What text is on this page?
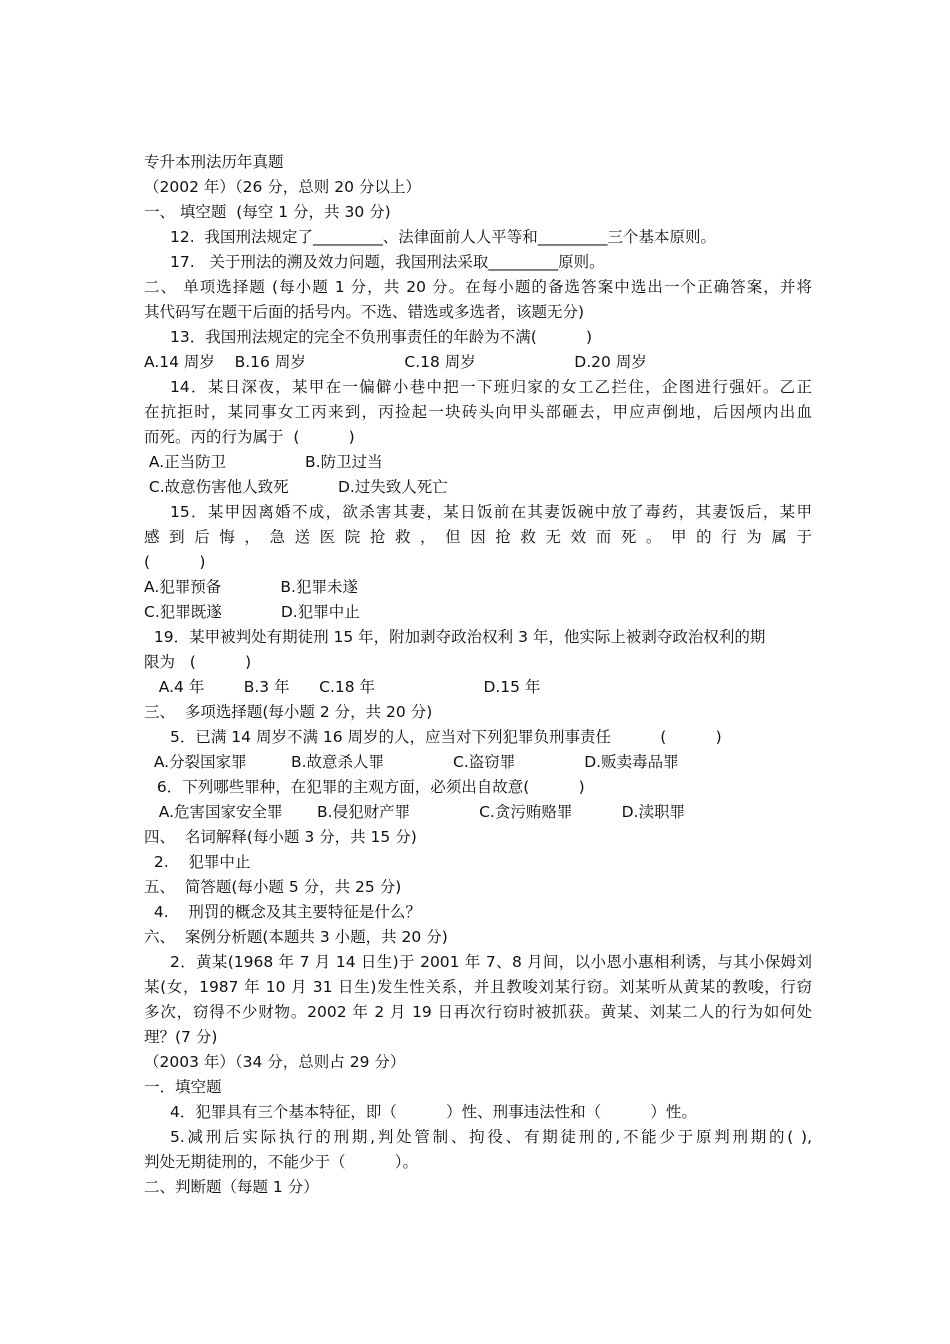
专升本刑法历年真题
（2002 年）（26 分，总则 20 分以上）
一、 填空题  (每空 1 分，共 30 分)
12.  我国刑法规定了_________、法律面前人人平等和_________三个基本原则。
17.   关于刑法的溯及效力问题，我国刑法采取_________原则。
二、 单项选择题 (每小题 1 分，共 20 分。在每小题的备选答案中选出一个正确答案，并将
其代码写在题干后面的括号内。不选、错选或多选者，该题无分)
13．我国刑法规定的完全不负刑事责任的年龄为不满(          )
A.14 周岁    B.16 周岁                    C.18 周岁                    D.20 周岁
14．某日深夜，某甲在一偏僻小巷中把一下班归家的女工乙拦住，企图进行强奸。乙正
在抗拒时，某同事女工丙来到，丙捡起一块砖头向甲头部砸去，甲应声倒地，后因颅内出血
而死。丙的行为属于  (          )
A.正当防卫                B.防卫过当
C.故意伤害他人致死          D.过失致人死亡
15．某甲因离婚不成，欲杀害其妻，某日饭前在其妻饭碗中放了毒药，其妻饭后，某甲
感到后悔，急送医院抢救，但因抢救无效而死。甲的行为属于
(          )
A.犯罪预备            B.犯罪未遂
C.犯罪既遂            D.犯罪中止
19．某甲被判处有期徒刑 15 年，附加剥夺政治权利 3 年，他实际上被剥夺政治权利的期
限为   (          )
A.4 年        B.3 年      C.18 年                      D.15 年
三、  多项选择题(每小题 2 分，共 20 分)
5．已满 14 周岁不满 16 周岁的人，应当对下列犯罪负刑事责任          (          )
A.分裂国家罪         B.故意杀人罪              C.盗窃罪              D.贩卖毒品罪
6．下列哪些罪种，在犯罪的主观方面，必须出自故意(          )
A.危害国家安全罪       B.侵犯财产罪              C.贪污贿赂罪          D.渎职罪
四、  名词解释(每小题 3 分，共 15 分)
2.    犯罪中止
五、  简答题(每小题 5 分，共 25 分)
4.    刑罚的概念及其主要特征是什么？
六、  案例分析题(本题共 3 小题，共 20 分)
2．黄某(1968 年 7 月 14 日生)于 2001 年 7、8 月间，以小恩小惠相利诱，与其小保姆刘
某(女，1987 年 10 月 31 日生)发生性关系，并且教唆刘某行窃。刘某听从黄某的教唆，行窃
多次，窃得不少财物。2002 年 2 月 19 日再次行窃时被抓获。黄某、刘某二人的行为如何处
理？(7 分)
（2003 年）（34 分，总则占 29 分）
一．填空题
4．犯罪具有三个基本特征，即（          ）性、刑事违法性和（          ）性。
5.减刑后实际执行的刑期,判处管制、拘役、有期徒刑的,不能少于原判刑期的( ),
判处无期徒刑的，不能少于（          ）。
二、判断题（每题 1 分）
